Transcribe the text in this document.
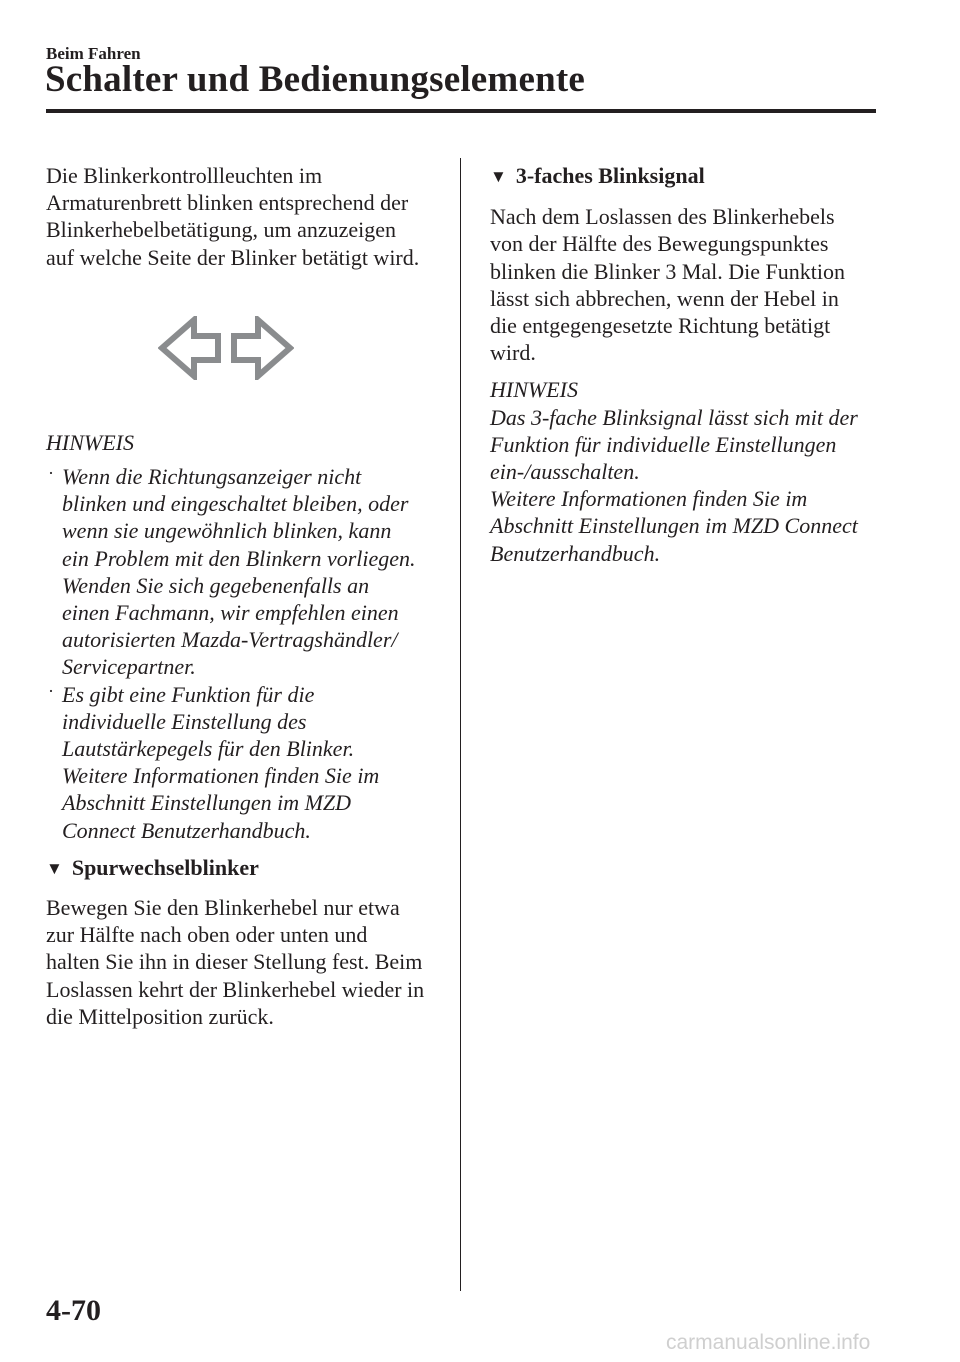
Beim Fahren
Schalter und Bedienungselemente

Die Blinkerkontrollleuchten im
Armaturenbrett blinken entsprechend der
Blinkerhebelbetätigung, um anzuzeigen
auf welche Seite der Blinker betätigt wird.

HINWEIS

· Wenn die Richtungsanzeiger nicht
blinken und eingeschaltet bleiben, oder
wenn sie ungewöhnlich blinken, kann
ein Problem mit den Blinkern vorliegen.
Wenden Sie sich gegebenenfalls an
einen Fachmann, wir empfehlen einen
autorisierten Mazda-Vertragshändler/
Servicepartner.
· Es gibt eine Funktion für die
individuelle Einstellung des
Lautstärkepegels für den Blinker.
Weitere Informationen finden Sie im
Abschnitt Einstellungen im MZD
Connect Benutzerhandbuch.
▼ Spurwechselblinker

Bewegen Sie den Blinkerhebel nur etwa
zur Hälfte nach oben oder unten und
halten Sie ihn in dieser Stellung fest. Beim
Loslassen kehrt der Blinkerhebel wieder in
die Mittelposition zurück.

▼ 3-faches Blinksignal

Nach dem Loslassen des Blinkerhebels
von der Hälfte des Bewegungspunktes
blinken die Blinker 3 Mal. Die Funktion
lässt sich abbrechen, wenn der Hebel in
die entgegengesetzte Richtung betätigt
wird.

HINWEIS

Das 3-fache Blinksignal lässt sich mit der
Funktion für individuelle Einstellungen
ein-/ausschalten.
Weitere Informationen finden Sie im
Abschnitt Einstellungen im MZD Connect
Benutzerhandbuch.

4-70
carmanualsonline.info
